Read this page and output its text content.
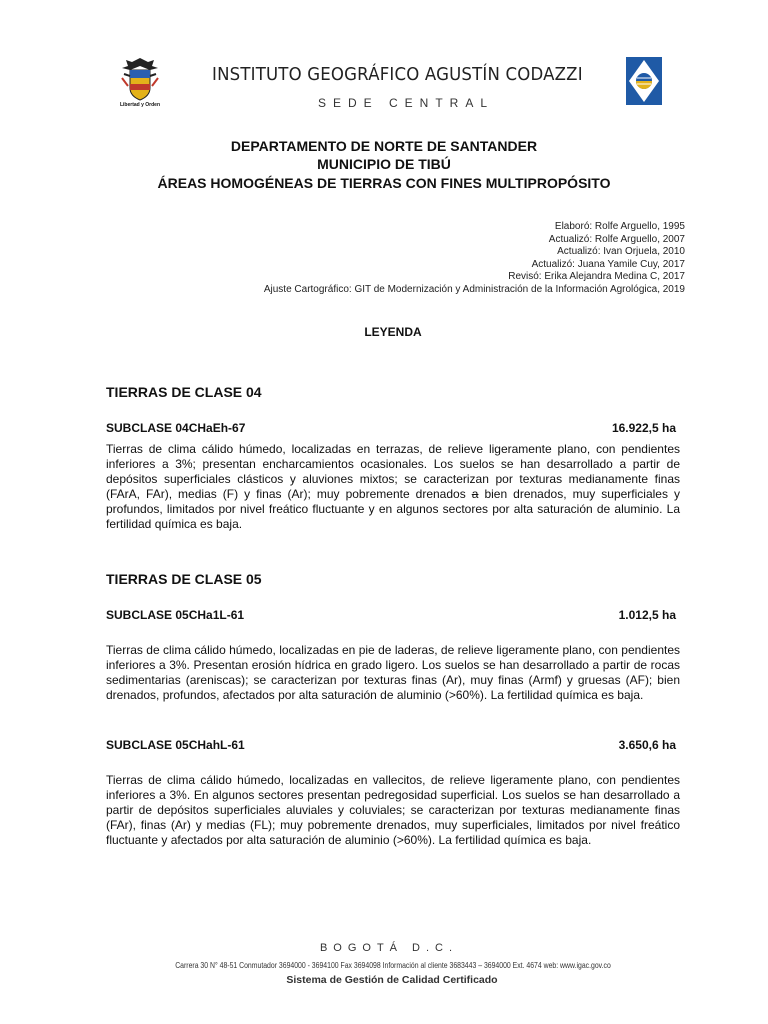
Libertad y Orden
INSTITUTO GEOGRÁFICO AGUSTÍN CODAZZI
SEDE CENTRAL
DEPARTAMENTO DE NORTE DE SANTANDER
MUNICIPIO DE TIBÚ
ÁREAS HOMOGÉNEAS DE TIERRAS CON FINES MULTIPROPÓSITO
Elaboró: Rolfe Arguello, 1995
Actualizó: Rolfe Arguello, 2007
Actualizó: Ivan Orjuela, 2010
Actualizó: Juana Yamile Cuy, 2017
Revisó: Erika Alejandra Medina C, 2017
Ajuste Cartográfico: GIT de Modernización y Administración de la Información Agrológica, 2019
LEYENDA
TIERRAS DE CLASE 04
SUBCLASE 04CHaEh-67	16.922,5 ha
Tierras de clima cálido húmedo, localizadas en terrazas, de relieve ligeramente plano, con pendientes inferiores a 3%; presentan encharcamientos ocasionales. Los suelos se han desarrollado a partir de depósitos superficiales clásticos y aluviones mixtos; se caracterizan por texturas medianamente finas (FArA, FAr), medias (F) y finas (Ar); muy pobremente drenados a bien drenados, muy superficiales y profundos, limitados por nivel freático fluctuante y en algunos sectores por alta saturación de aluminio. La fertilidad química es baja.
TIERRAS DE CLASE 05
SUBCLASE 05CHa1L-61	1.012,5 ha
Tierras de clima cálido húmedo, localizadas en pie de laderas, de relieve ligeramente plano, con pendientes inferiores a 3%. Presentan erosión hídrica en grado ligero. Los suelos se han desarrollado a partir de rocas sedimentarias (areniscas); se caracterizan por texturas finas (Ar), muy finas (Armf) y gruesas (AF); bien drenados, profundos, afectados por alta saturación de aluminio (>60%). La fertilidad química es baja.
SUBCLASE 05CHahL-61	3.650,6 ha
Tierras de clima cálido húmedo, localizadas en vallecitos, de relieve ligeramente plano, con pendientes inferiores a 3%. En algunos sectores presentan pedregosidad superficial. Los suelos se han desarrollado a partir de depósitos superficiales aluviales y coluviales; se caracterizan por texturas medianamente finas (FAr), finas (Ar) y medias (FL); muy pobremente drenados, muy superficiales, limitados por nivel freático fluctuante y afectados por alta saturación de aluminio (>60%). La fertilidad química es baja.
BOGOTÁ D.C.
Carrera 30 N° 48-51 Conmutador 3694000 - 3694100 Fax 3694098 Información al cliente 3683443 – 3694000 Ext. 4674 web: www.igac.gov.co
Sistema de Gestión de Calidad Certificado
